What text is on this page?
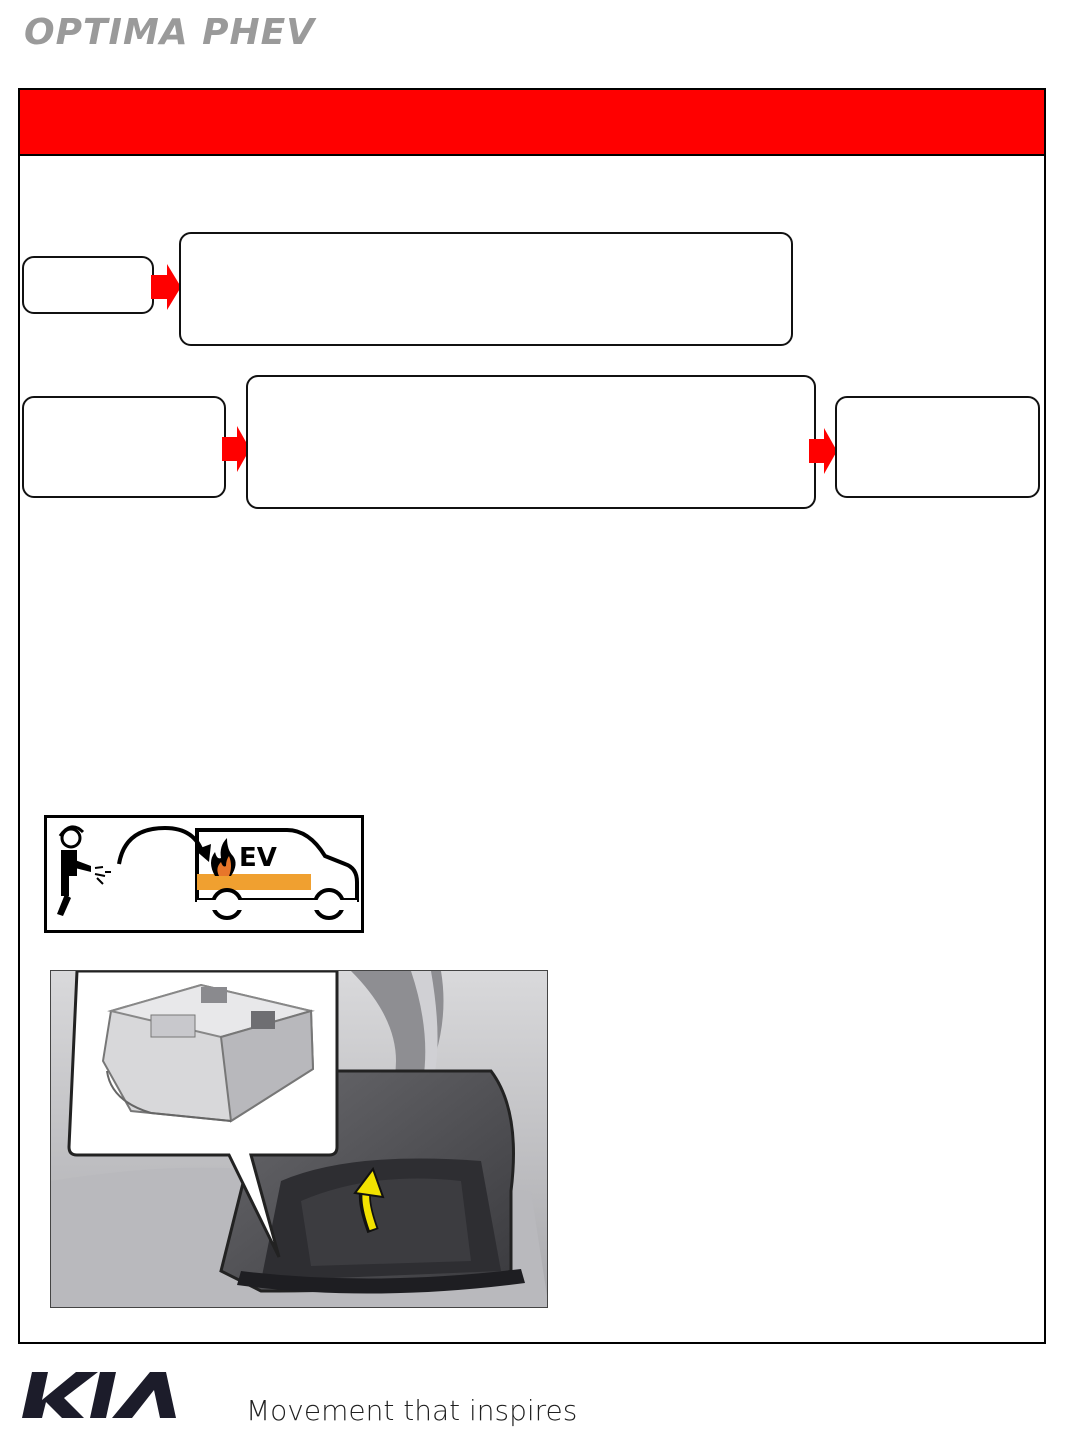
OPTIMA PHEV
EV
Movement that inspires
